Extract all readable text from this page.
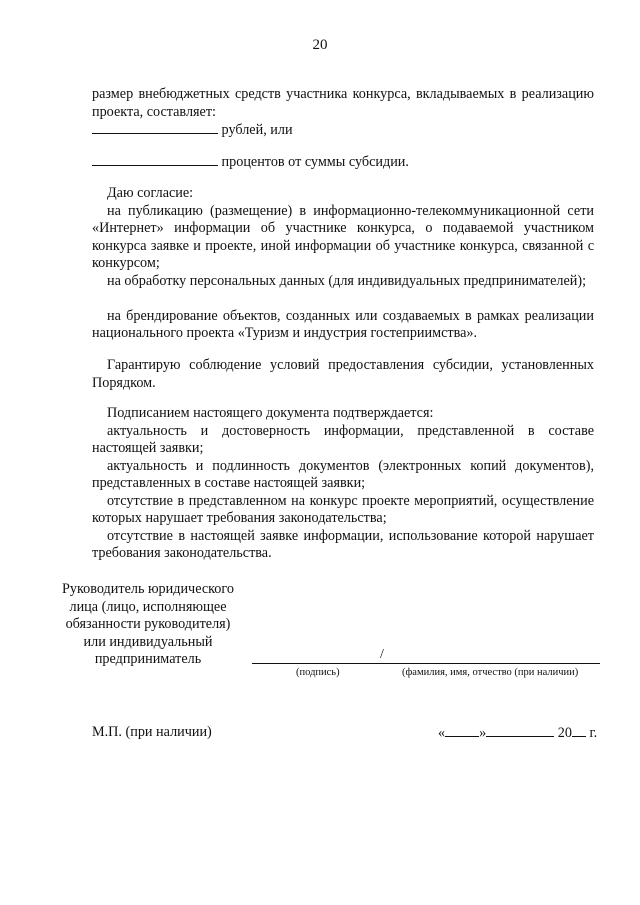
20
размер внебюджетных средств участника конкурса, вкладываемых в реализацию проекта, составляет:
рублей, или
процентов от суммы субсидии.
Даю согласие:
на публикацию (размещение) в информационно-телекоммуникационной сети «Интернет» информации об участнике конкурса, о подаваемой участником конкурса заявке и проекте, иной информации об участнике конкурса, связанной с конкурсом;
на обработку персональных данных (для индивидуальных предпринимателей);
на брендирование объектов, созданных или создаваемых в рамках реализации национального проекта «Туризм и индустрия гостеприимства».
Гарантирую соблюдение условий предоставления субсидии, установленных Порядком.
Подписанием настоящего документа подтверждается:
актуальность и достоверность информации, представленной в составе настоящей заявки;
актуальность и подлинность документов (электронных копий документов), представленных в составе настоящей заявки;
отсутствие в представленном на конкурс проекте мероприятий, осуществление которых нарушает требования законодательства;
отсутствие в настоящей заявке информации, использование которой нарушает требования законодательства.
Руководитель юридического
лица (лицо, исполняющее
обязанности руководителя)
или индивидуальный
предприниматель	/
(подпись)	(фамилия, имя, отчество (при наличии)
М.П. (при наличии)	« »	20 г.
